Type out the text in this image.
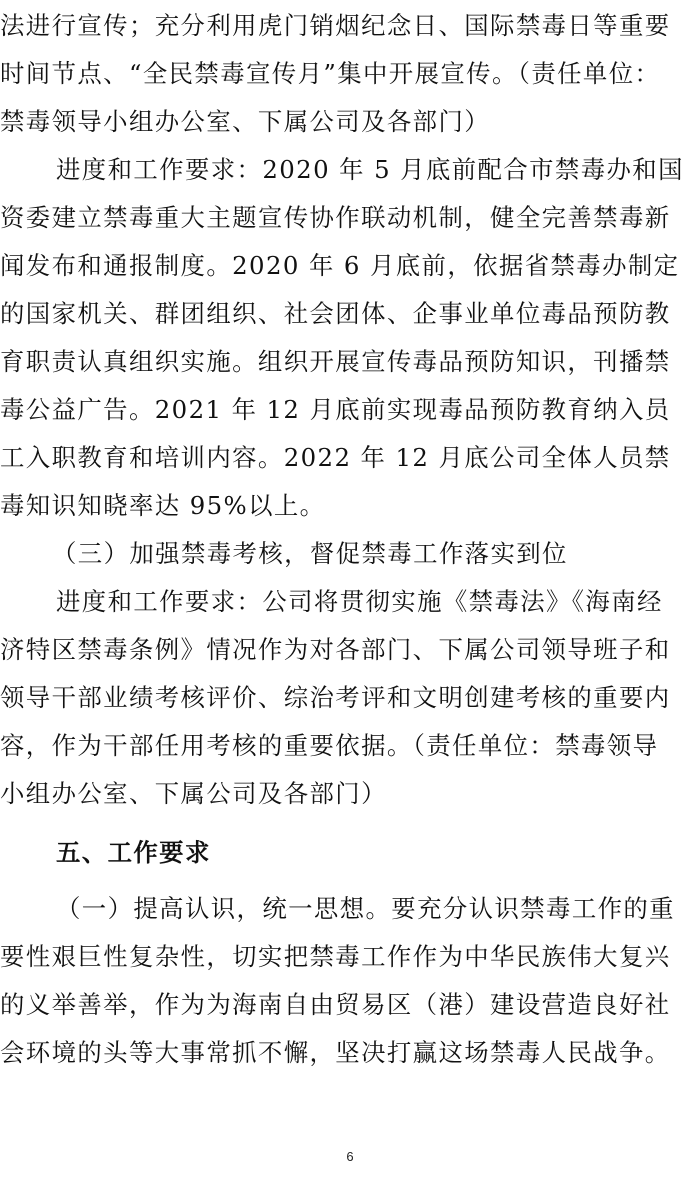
法进行宣传；充分利用虎门销烟纪念日、国际禁毒日等重要
时间节点、“全民禁毒宣传月”集中开展宣传。（责任单位：
禁毒领导小组办公室、下属公司及各部门）
进度和工作要求：2020 年 5 月底前配合市禁毒办和国
资委建立禁毒重大主题宣传协作联动机制，健全完善禁毒新
闻发布和通报制度。2020 年 6 月底前，依据省禁毒办制定
的国家机关、群团组织、社会团体、企事业单位毒品预防教
育职责认真组织实施。组织开展宣传毒品预防知识，刊播禁
毒公益广告。2021 年 12 月底前实现毒品预防教育纳入员
工入职教育和培训内容。2022 年 12 月底公司全体人员禁
毒知识知晓率达 95%以上。
（三）加强禁毒考核，督促禁毒工作落实到位
进度和工作要求：公司将贯彻实施《禁毒法》《海南经
济特区禁毒条例》情况作为对各部门、下属公司领导班子和
领导干部业绩考核评价、综治考评和文明创建考核的重要内
容，作为干部任用考核的重要依据。（责任单位：禁毒领导
小组办公室、下属公司及各部门）
五、工作要求
（一）提高认识，统一思想。要充分认识禁毒工作的重
要性艰巨性复杂性，切实把禁毒工作作为中华民族伟大复兴
的义举善举，作为为海南自由贸易区（港）建设营造良好社
会环境的头等大事常抓不懈，坚决打赢这场禁毒人民战争。
6
